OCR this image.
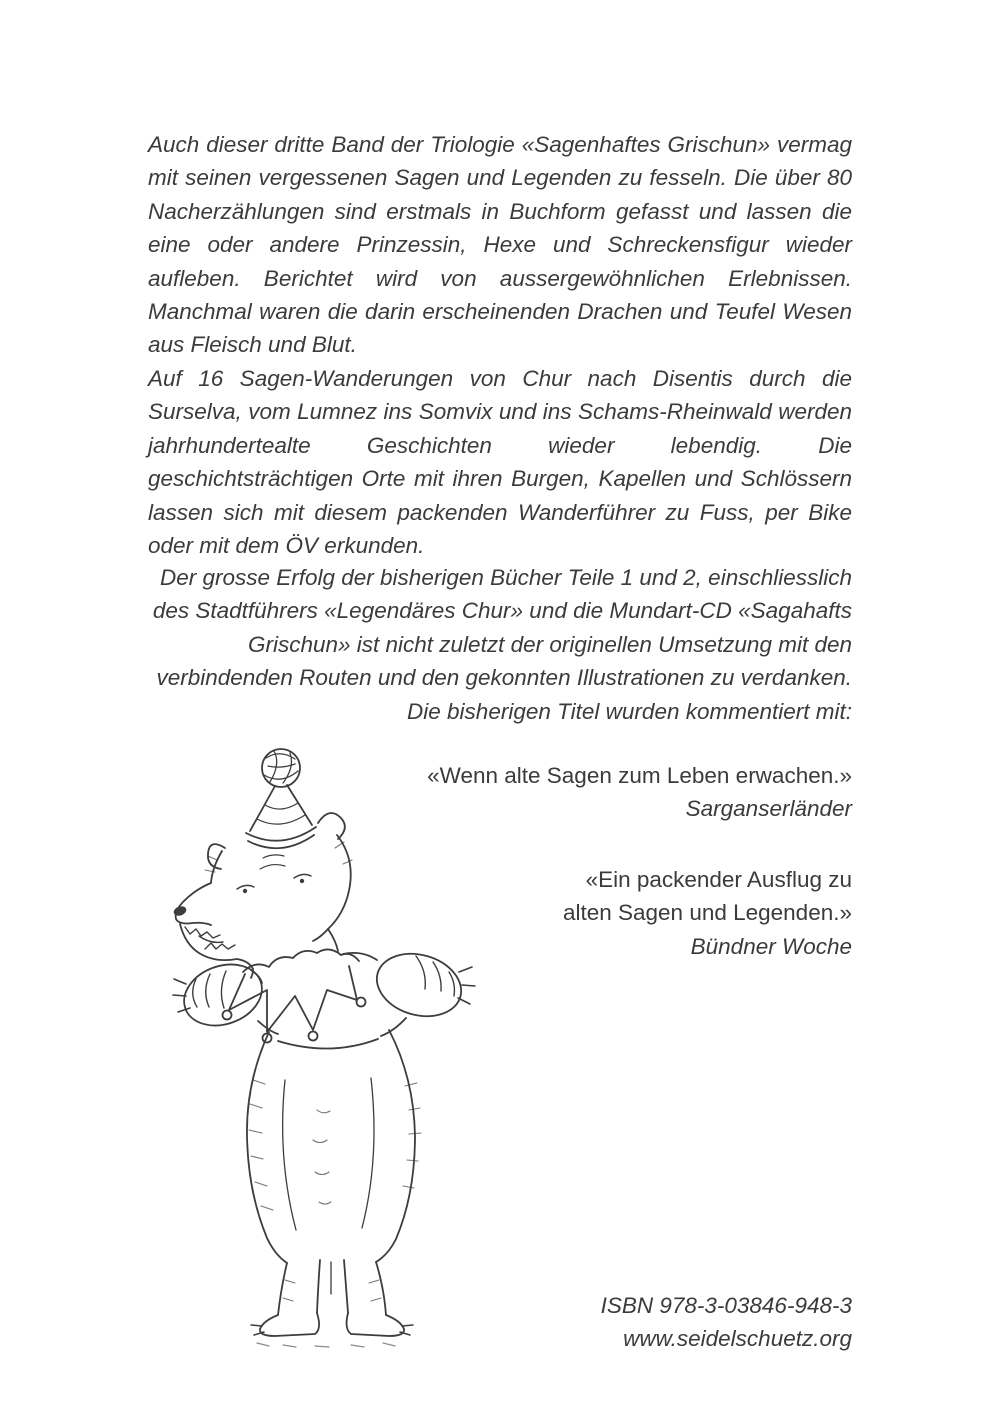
Auch dieser dritte Band der Triologie «Sagenhaftes Grischun» vermag mit seinen vergessenen Sagen und Legenden zu fesseln. Die über 80 Nacherzählungen sind erstmals in Buchform gefasst und lassen die eine oder andere Prinzessin, Hexe und Schreckensfigur wieder aufleben. Berichtet wird von aussergewöhnlichen Erlebnissen. Manchmal waren die darin erscheinenden Drachen und Teufel Wesen aus Fleisch und Blut.

Auf 16 Sagen-Wanderungen von Chur nach Disentis durch die Surselva, vom Lumnez ins Somvix und ins Schams-Rheinwald werden jahrhundertealte Geschichten wieder lebendig. Die geschichtsträchtigen Orte mit ihren Burgen, Kapellen und Schlössern lassen sich mit diesem packenden Wanderführer zu Fuss, per Bike oder mit dem ÖV erkunden.

Der grosse Erfolg der bisherigen Bücher Teile 1 und 2, einschliesslich des Stadtführers «Legendäres Chur» und die Mundart-CD «Sagahafts Grischun» ist nicht zuletzt der originellen Umsetzung mit den verbindenden Routen und den gekonnten Illustrationen zu verdanken. Die bisherigen Titel wurden kommentiert mit:

«Wenn alte Sagen zum Leben erwachen.»
Sarganserländer
«Ein packender Ausflug zu
alten Sagen und Legenden.»
Bündner Woche
ISBN 978-3-03846-948-3
www.seidelschuetz.org
